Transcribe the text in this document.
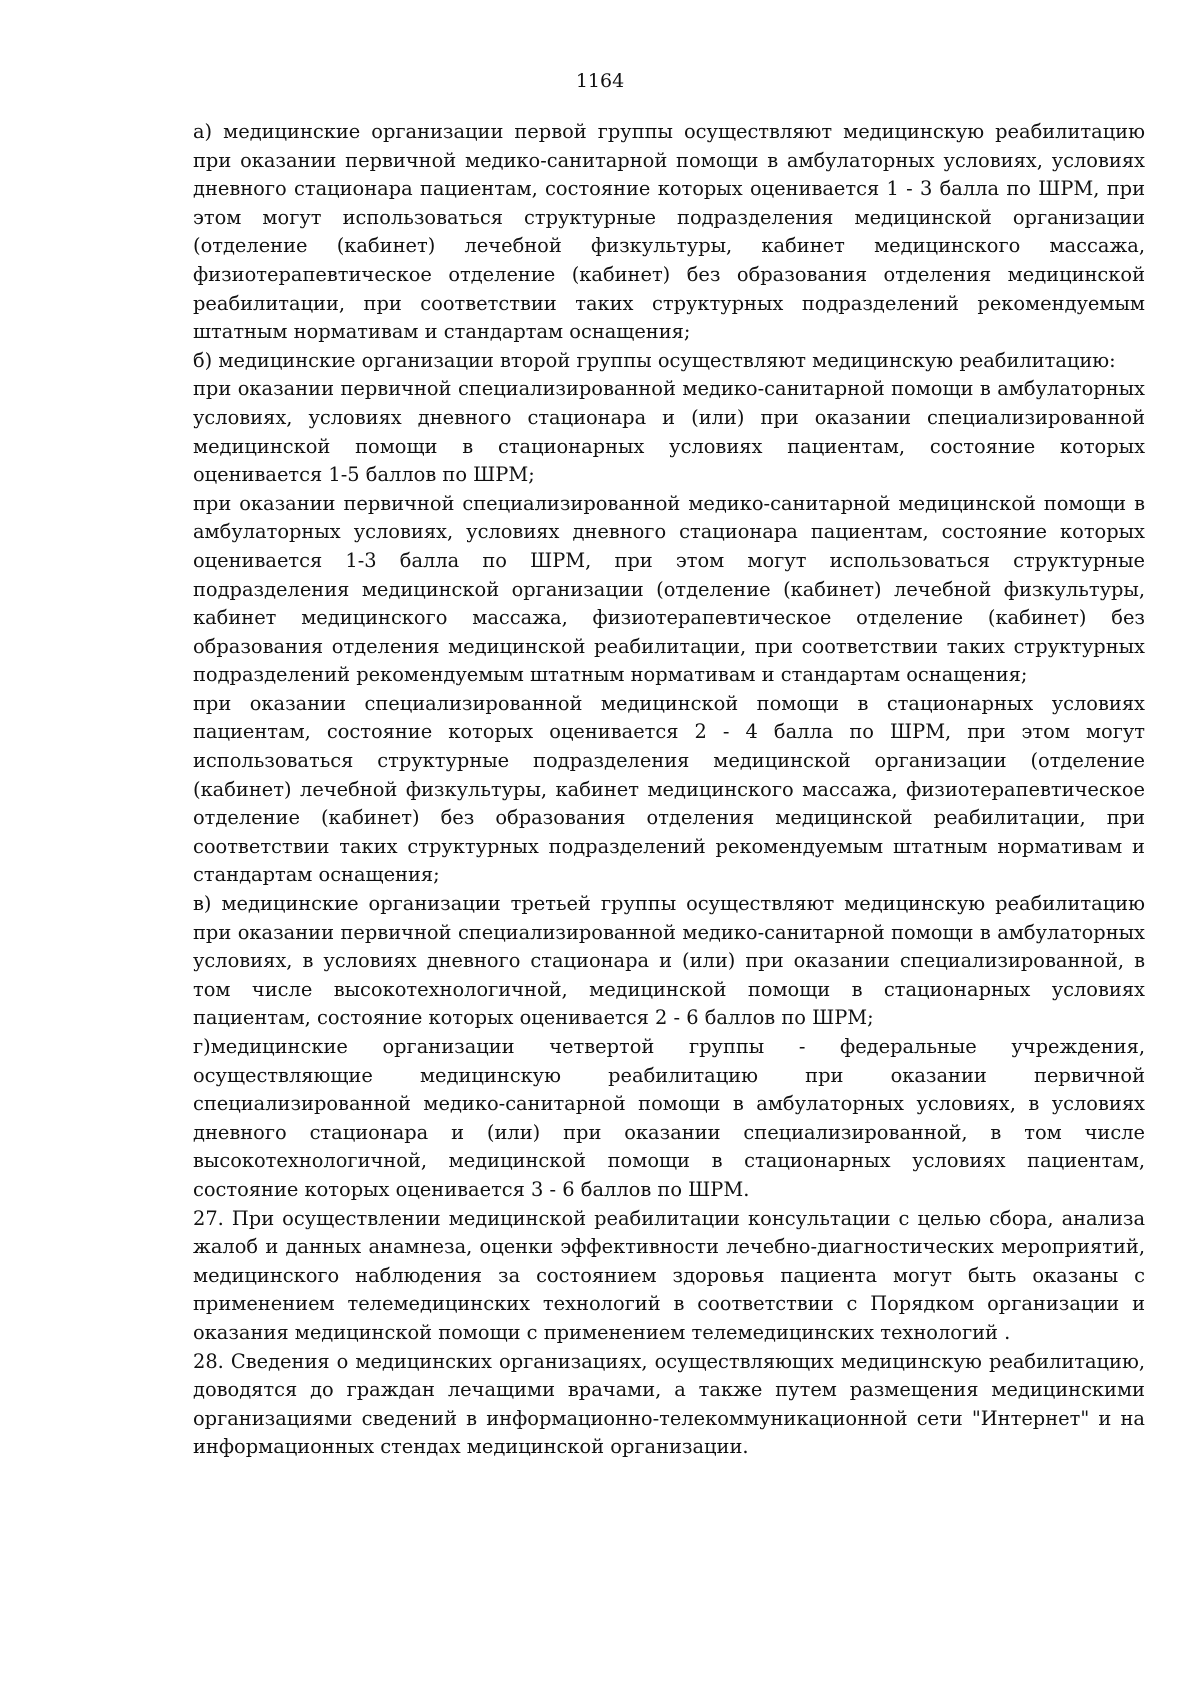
1164

а) медицинские организации первой группы осуществляют медицинскую реабилитацию при оказании первичной медико-санитарной помощи в амбулаторных условиях, условиях дневного стационара пациентам, состояние которых оценивается 1 - 3 балла по ШРМ, при этом могут использоваться структурные подразделения медицинской организации (отделение (кабинет) лечебной физкультуры, кабинет медицинского массажа, физиотерапевтическое отделение (кабинет) без образования отделения медицинской реабилитации, при соответствии таких структурных подразделений рекомендуемым штатным нормативам и стандартам оснащения;

б) медицинские организации второй группы осуществляют медицинскую реабилитацию:

при оказании первичной специализированной медико-санитарной помощи в амбулаторных условиях, условиях дневного стационара и (или) при оказании специализированной медицинской помощи в стационарных условиях пациентам, состояние которых оценивается 1-5 баллов по ШРМ;

при оказании первичной специализированной медико-санитарной медицинской помощи в амбулаторных условиях, условиях дневного стационара пациентам, состояние которых оценивается 1-3 балла по ШРМ, при этом могут использоваться структурные подразделения медицинской организации (отделение (кабинет) лечебной физкультуры, кабинет медицинского массажа, физиотерапевтическое отделение (кабинет) без образования отделения медицинской реабилитации, при соответствии таких структурных подразделений рекомендуемым штатным нормативам и стандартам оснащения;

при оказании специализированной медицинской помощи в стационарных условиях пациентам, состояние которых оценивается 2 - 4 балла по ШРМ, при этом могут использоваться структурные подразделения медицинской организации (отделение (кабинет) лечебной физкультуры, кабинет медицинского массажа, физиотерапевтическое отделение (кабинет) без образования отделения медицинской реабилитации, при соответствии таких структурных подразделений рекомендуемым штатным нормативам и стандартам оснащения;

в) медицинские организации третьей группы осуществляют медицинскую реабилитацию при оказании первичной специализированной медико-санитарной помощи в амбулаторных условиях, в условиях дневного стационара и (или) при оказании специализированной, в том числе высокотехнологичной, медицинской помощи в стационарных условиях пациентам, состояние которых оценивается 2 - 6 баллов по ШРМ;

г)медицинские организации четвертой группы - федеральные учреждения, осуществляющие медицинскую реабилитацию при оказании первичной специализированной медико-санитарной помощи в амбулаторных условиях, в условиях дневного стационара и (или) при оказании специализированной, в том числе высокотехнологичной, медицинской помощи в стационарных условиях пациентам, состояние которых оценивается 3 - 6 баллов по ШРМ.

27. При осуществлении медицинской реабилитации консультации с целью сбора, анализа жалоб и данных анамнеза, оценки эффективности лечебно-диагностических мероприятий, медицинского наблюдения за состоянием здоровья пациента могут быть оказаны с применением телемедицинских технологий в соответствии с Порядком организации и оказания медицинской помощи с применением телемедицинских технологий .

28. Сведения о медицинских организациях, осуществляющих медицинскую реабилитацию, доводятся до граждан лечащими врачами, а также путем размещения медицинскими организациями сведений в информационно-телекоммуникационной сети "Интернет" и на информационных стендах медицинской организации.
